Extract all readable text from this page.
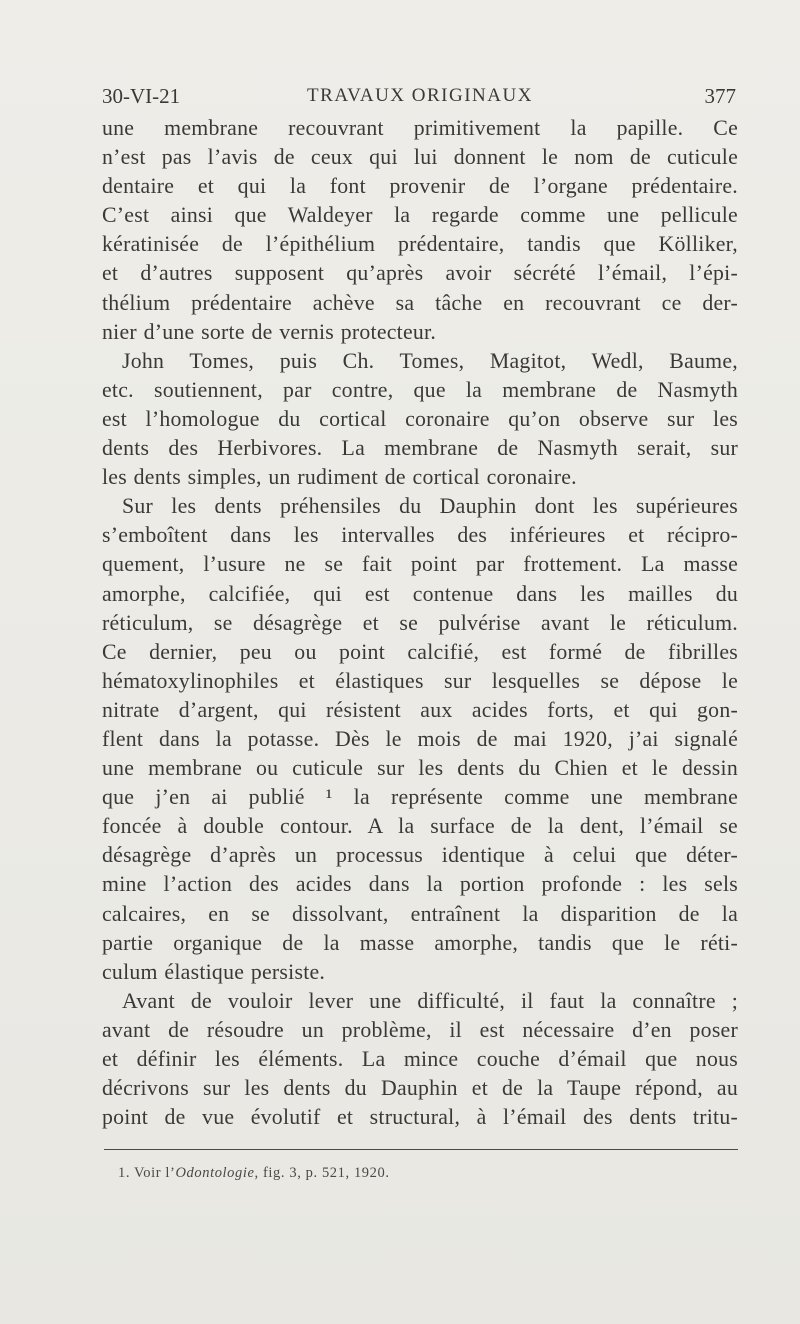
30-VI-21	TRAVAUX ORIGINAUX	377
une membrane recouvrant primitivement la papille. Ce
n’est pas l’avis de ceux qui lui donnent le nom de cuticule
dentaire et qui la font provenir de l’organe prédentaire.
C’est ainsi que Waldeyer la regarde comme une pellicule
kératinisée de l’épithélium prédentaire, tandis que Kölliker,
et d’autres supposent qu’après avoir sécrété l’émail, l’épi-
thélium prédentaire achève sa tâche en recouvrant ce der-
nier d’une sorte de vernis protecteur.
John Tomes, puis Ch. Tomes, Magitot, Wedl, Baume,
etc. soutiennent, par contre, que la membrane de Nasmyth
est l’homologue du cortical coronaire qu’on observe sur les
dents des Herbivores. La membrane de Nasmyth serait, sur
les dents simples, un rudiment de cortical coronaire.
Sur les dents préhensiles du Dauphin dont les supérieures
s’emboîtent dans les intervalles des inférieures et récipro-
quement, l’usure ne se fait point par frottement. La masse
amorphe, calcifiée, qui est contenue dans les mailles du
réticulum, se désagrège et se pulvérise avant le réticulum.
Ce dernier, peu ou point calcifié, est formé de fibrilles
hématoxylinophiles et élastiques sur lesquelles se dépose le
nitrate d’argent, qui résistent aux acides forts, et qui gon-
flent dans la potasse. Dès le mois de mai 1920, j’ai signalé
une membrane ou cuticule sur les dents du Chien et le dessin
que j’en ai publié ¹ la représente comme une membrane
foncée à double contour. A la surface de la dent, l’émail se
désagrège d’après un processus identique à celui que déter-
mine l’action des acides dans la portion profonde : les sels
calcaires, en se dissolvant, entraînent la disparition de la
partie organique de la masse amorphe, tandis que le réti-
culum élastique persiste.
Avant de vouloir lever une difficulté, il faut la connaître ;
avant de résoudre un problème, il est nécessaire d’en poser
et définir les éléments. La mince couche d’émail que nous
décrivons sur les dents du Dauphin et de la Taupe répond, au
point de vue évolutif et structural, à l’émail des dents tritu-
1. Voir l’Odontologie, fig. 3, p. 521, 1920.
